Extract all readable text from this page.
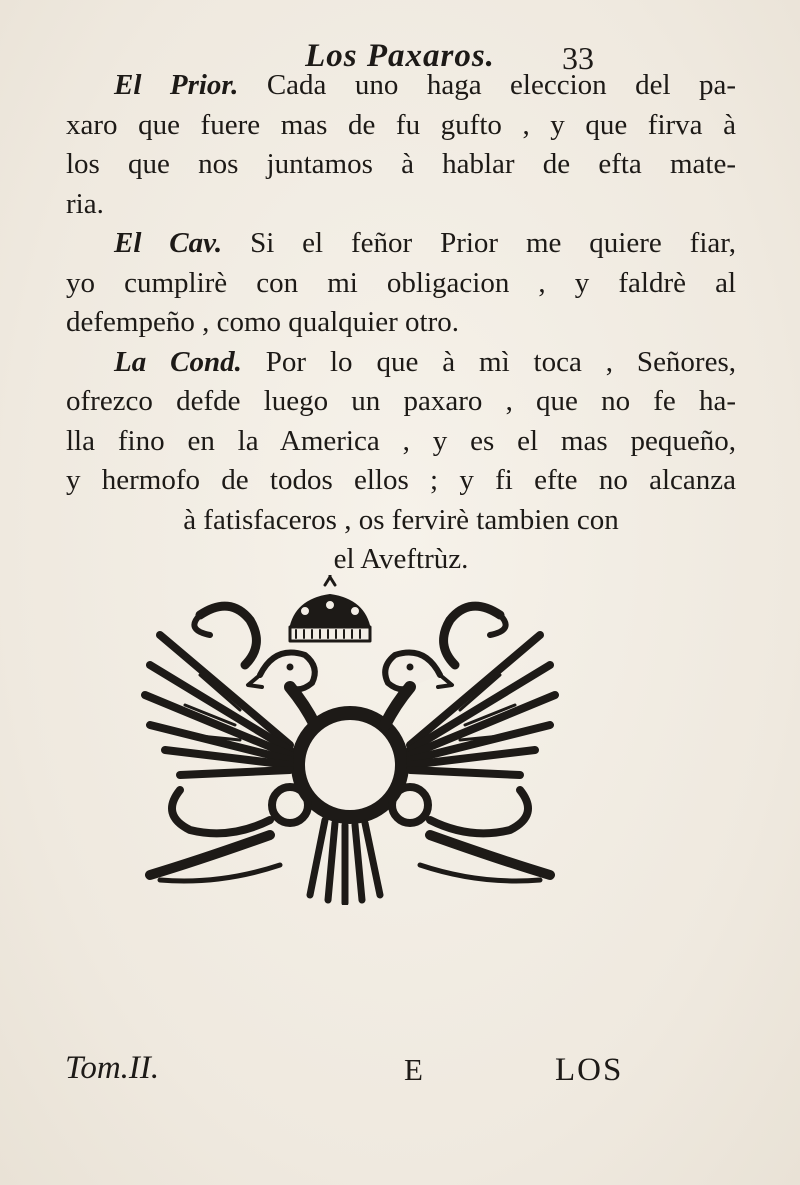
Los Paxaros.	33
El Prior. Cada uno haga eleccion del pa-
xaro que fuere mas de fu gufto , y que firva à
los que nos juntamos à hablar de efta mate-
ria.
El Cav. Si el feñor Prior me quiere fiar,
yo cumplirè con mi obligacion , y faldrè al
defempeño , como qualquier otro.
La Cond. Por lo que à mì toca , Señores,
ofrezco defde luego un paxaro , que no fe ha-
lla fino en la America , y es el mas pequeño,
y hermofo de todos ellos ; y fi efte no alcanza
à fatisfaceros , os fervirè tambien con
el Aveftrùz.
Tom.II.	E	LOS
